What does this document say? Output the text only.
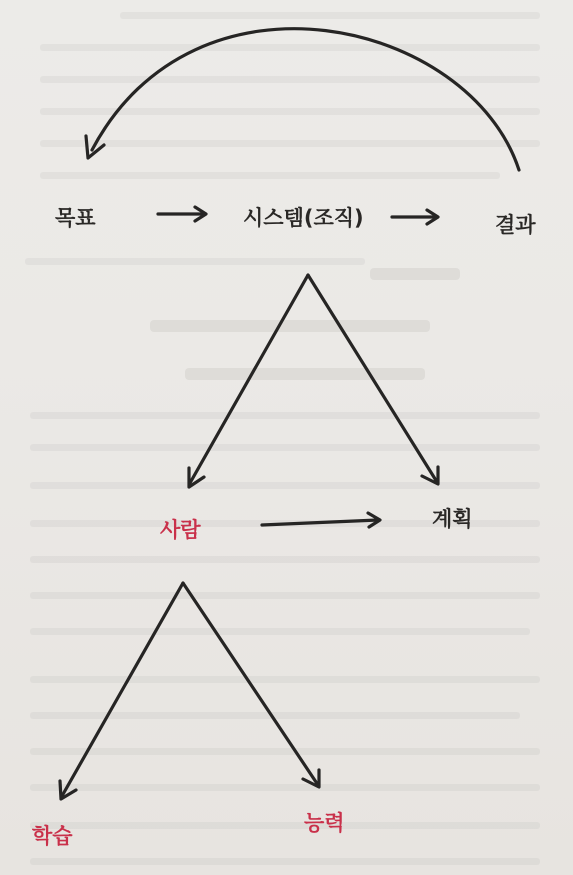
목표	시스템(조직)	결과
사람	계획
학습
능력
